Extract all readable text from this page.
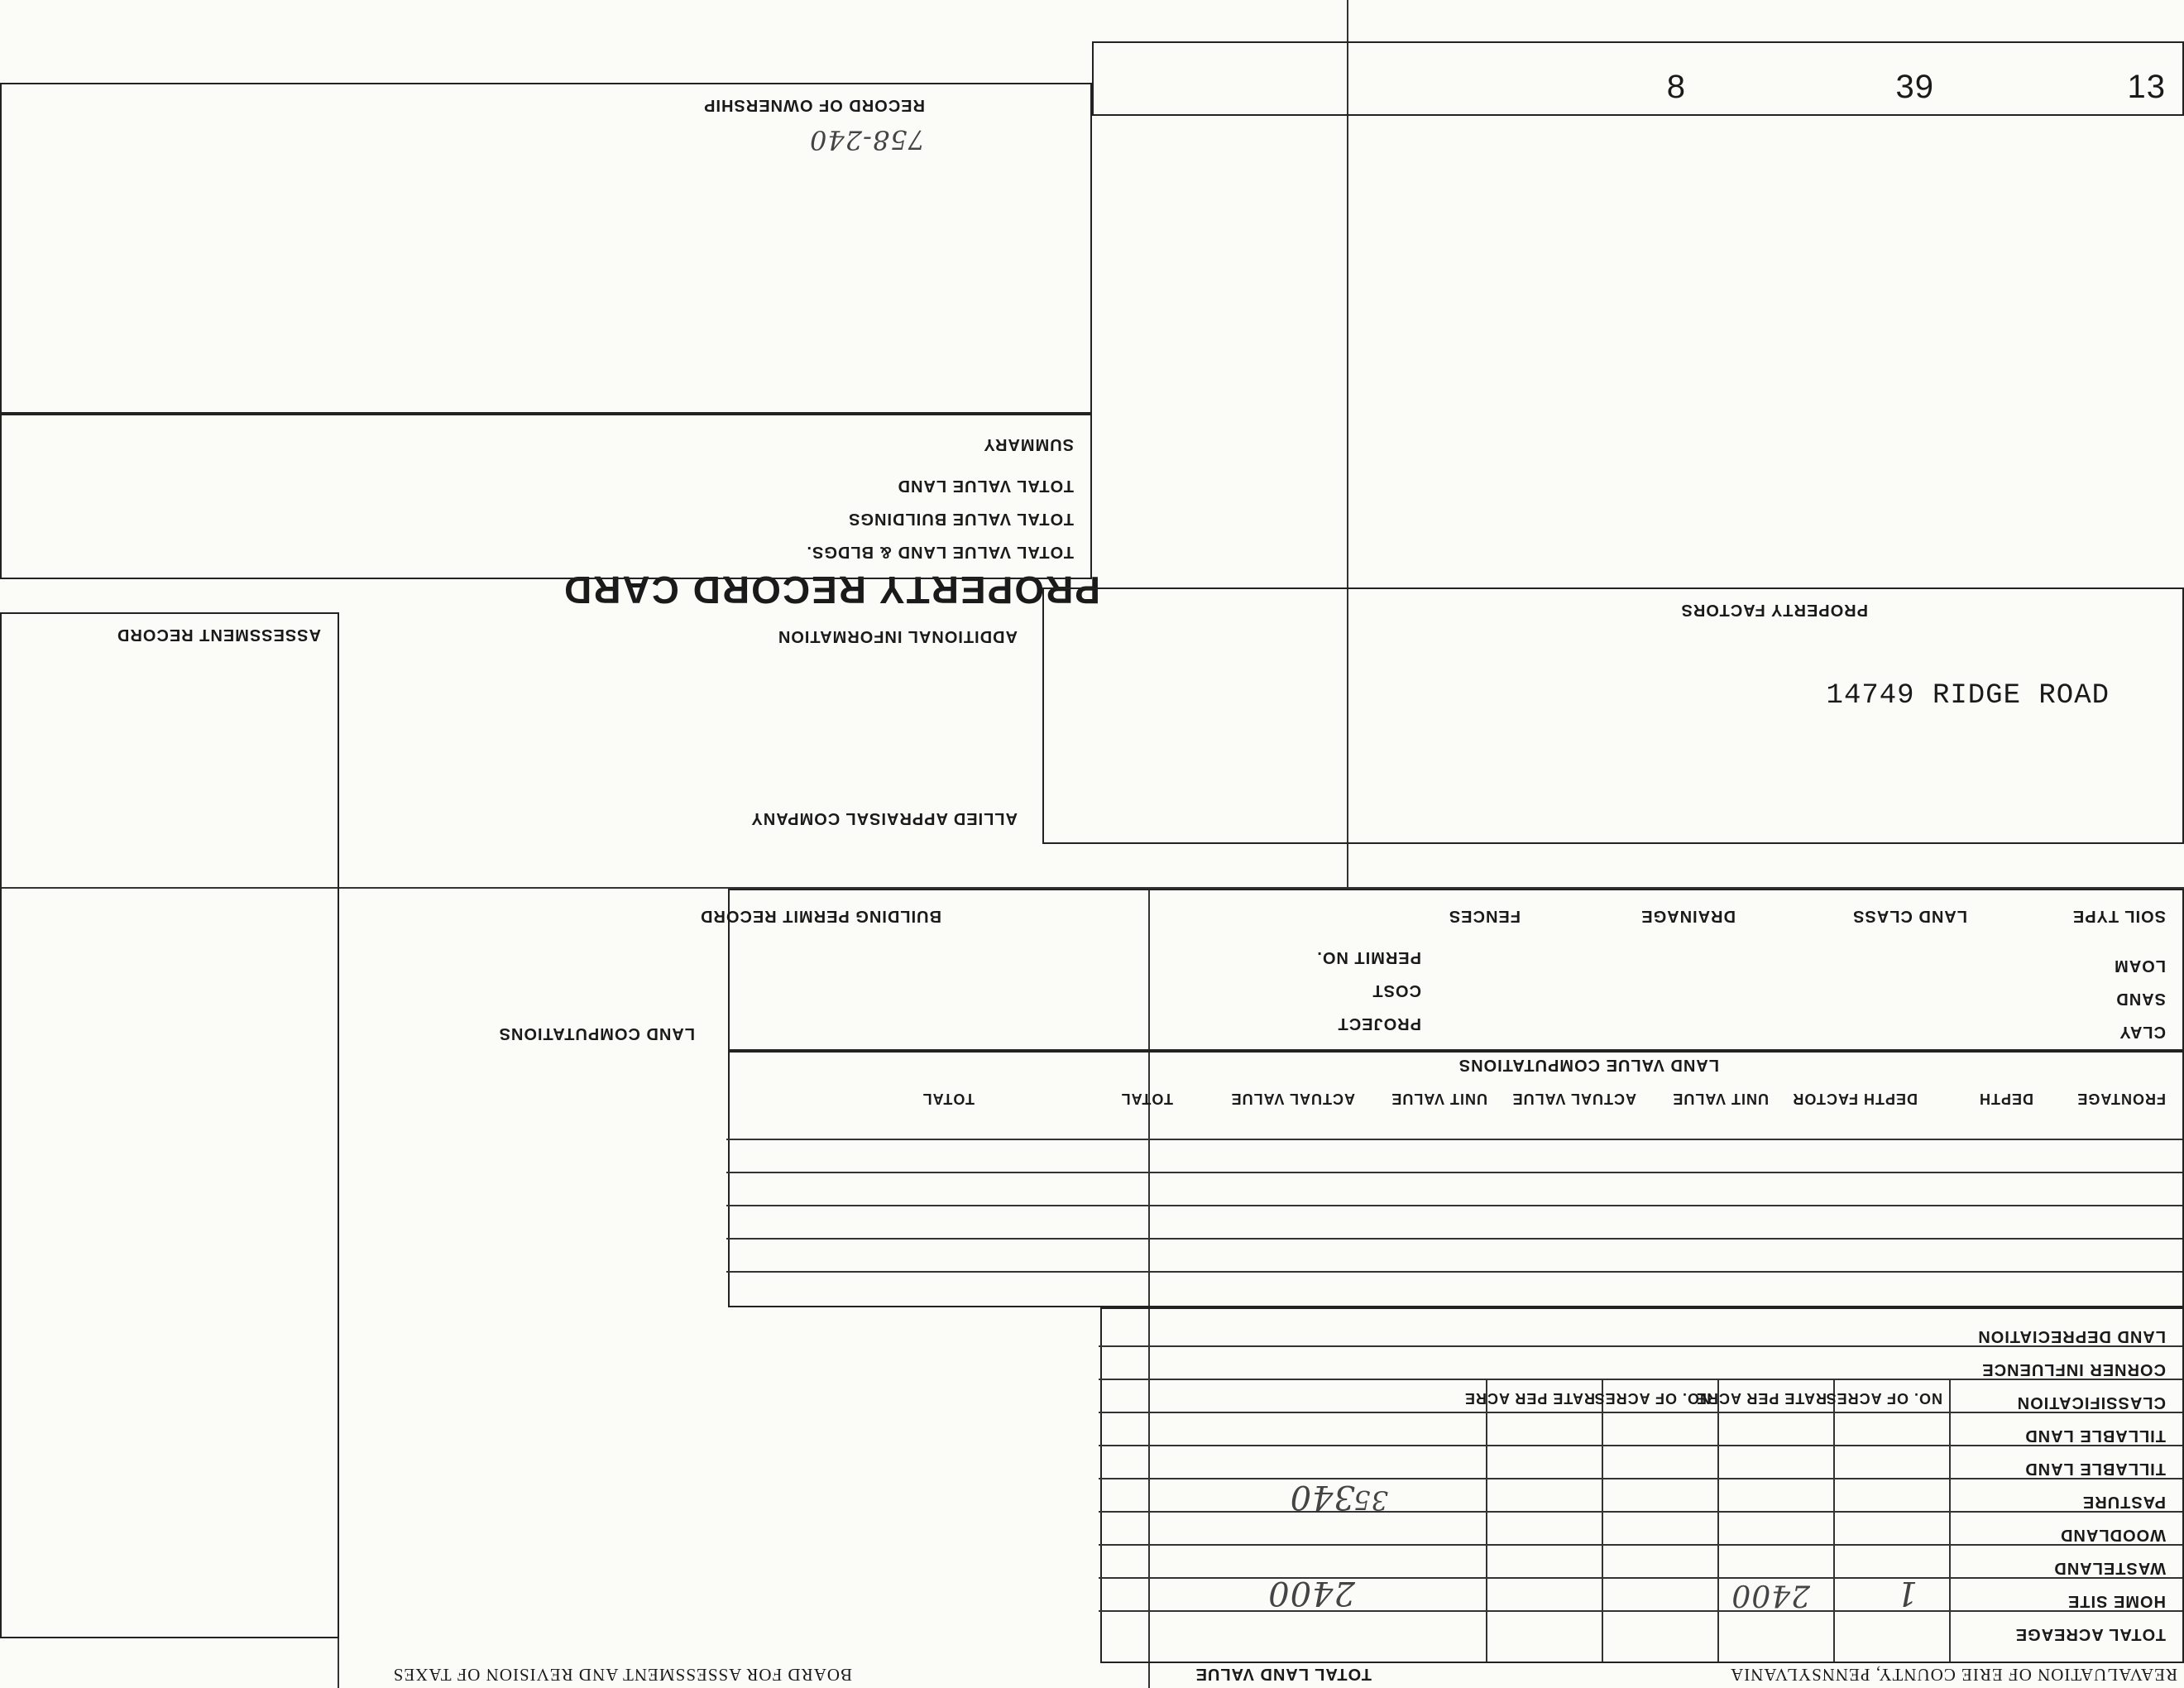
REAVALUATION OF ERIE COUNTY, PENNSYLVANIA
BOARD FOR ASSESSMENT AND REVISION OF TAXES
TOTAL ACREAGE
HOME SITE
WASTELAND
WOODLAND
PASTURE
TILLABLE LAND
TILLABLE LAND
CLASSIFICATION
CORNER INFLUENCE
LAND DEPRECIATION
NO. OF ACRES
RATE PER ACRE
NO. OF ACRES
RATE PER ACRE
TOTAL LAND VALUE
1
2400
2400
340
35
FRONTAGE
DEPTH
DEPTH FACTOR
UNIT VALUE
ACTUAL VALUE
UNIT VALUE
ACTUAL VALUE
TOTAL
TOTAL
LAND VALUE COMPUTATIONS
CLAY
SAND
LOAM
SOIL TYPE
LAND CLASS
DRAINAGE
FENCES
PROJECT
COST
PERMIT NO.
BUILDING PERMIT RECORD
ASSESSMENT RECORD
PROPERTY RECORD CARD
ADDITIONAL INFORMATION
ALLIED APPRAISAL COMPANY
LAND COMPUTATIONS
PROPERTY FACTORS
TOTAL VALUE LAND & BLDGS.
TOTAL VALUE BUILDINGS
TOTAL VALUE LAND
SUMMARY
RECORD OF OWNERSHIP
758-240
14749 RIDGE ROAD
13
39
8
